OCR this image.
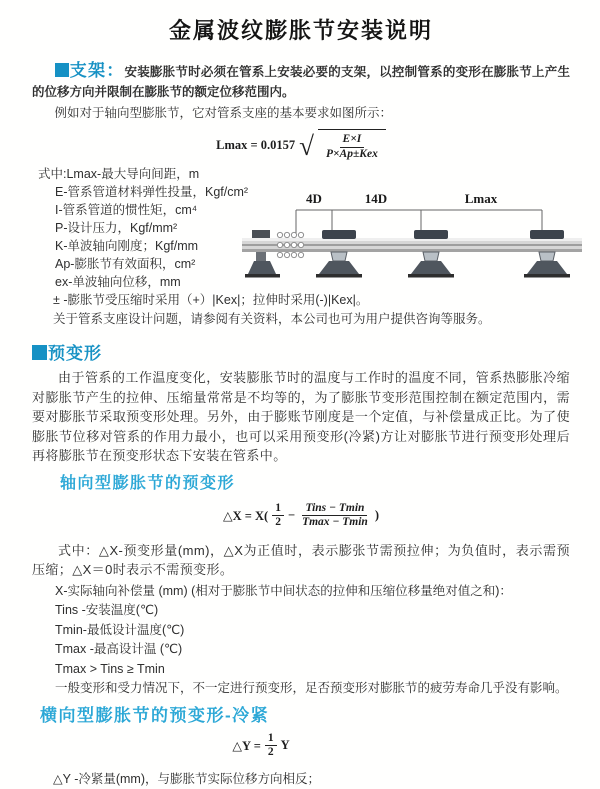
金属波纹膨胀节安装说明

支架：安装膨胀节时必须在管系上安装必要的支架，以控制管系的变形在膨胀节上产生的位移方向并限制在膨胀节的额定位移范围内。

例如对于轴向型膨胀节，它对管系支座的基本要求如图所示：

Lmax = 0.0157 √ $\frac{E\times I}{\text{P×Ap±Kex}}$
式中:Lmax-最大导向间距，m
E-管系管道材料弹性投量，Kgf/cm²
I-管系管道的惯性矩，cm⁴
P-设计压力，Kgf/mm²
K-单波轴向刚度；Kgf/mm
Ap-膨胀节有效面积，cm²
ex-单波轴向位移，mm
± -膨胀节受压缩时采用（+）|Kex|；拉伸时采用(-)|Kex|。
关于管系支座设计问题，请参阅有关资料，本公司也可为用户提供咨询等服务。
4D	14D	Lmax
预变形

由于管系的工作温度变化，安装膨胀节时的温度与工作时的温度不同，管系热膨胀冷缩对膨胀节产生的拉伸、压缩量常常是不均等的，为了膨胀节变形范围控制在额定范围内，需要对膨胀节采取预变形处理。另外，由于膨账节刚度是一个定值，与补偿量成正比。为了使膨胀节位移对管系的作用力最小，也可以采用预变形(冷紧)方让对膨胀节进行预变形处理后再将膨胀节在预变形状态下安装在管系中。

轴向型膨胀节的预变形
△X = $X( \frac{1}{2} - \frac{\text{Tins − Tmin}}{Tmax - Tmin}$ )

式中：△X-预变形量(mm)，△X为正值时，表示膨张节需预拉伸；为负值时，表示需预压缩；△X＝0时表示不需预变形。

X-实际轴向补偿量 (mm) (相对于膨胀节中间状态的拉伸和压缩位移量绝对值之和)：
Tins -安装温度(℃)
Tmin-最低设计温度(℃)
Tmax -最高设计温 (℃)
Tmax > Tins ≥ Tmin
一般变形和受力情况下，不一定进行预变形，足否预变形对膨胀节的疲劳寿命几乎没有影响。
横向型膨胀节的预变形-冷紧
△Y = $\frac{1}{2}$ Y
△Y -冷紧量(mm)，与膨胀节实际位移方向相反；
